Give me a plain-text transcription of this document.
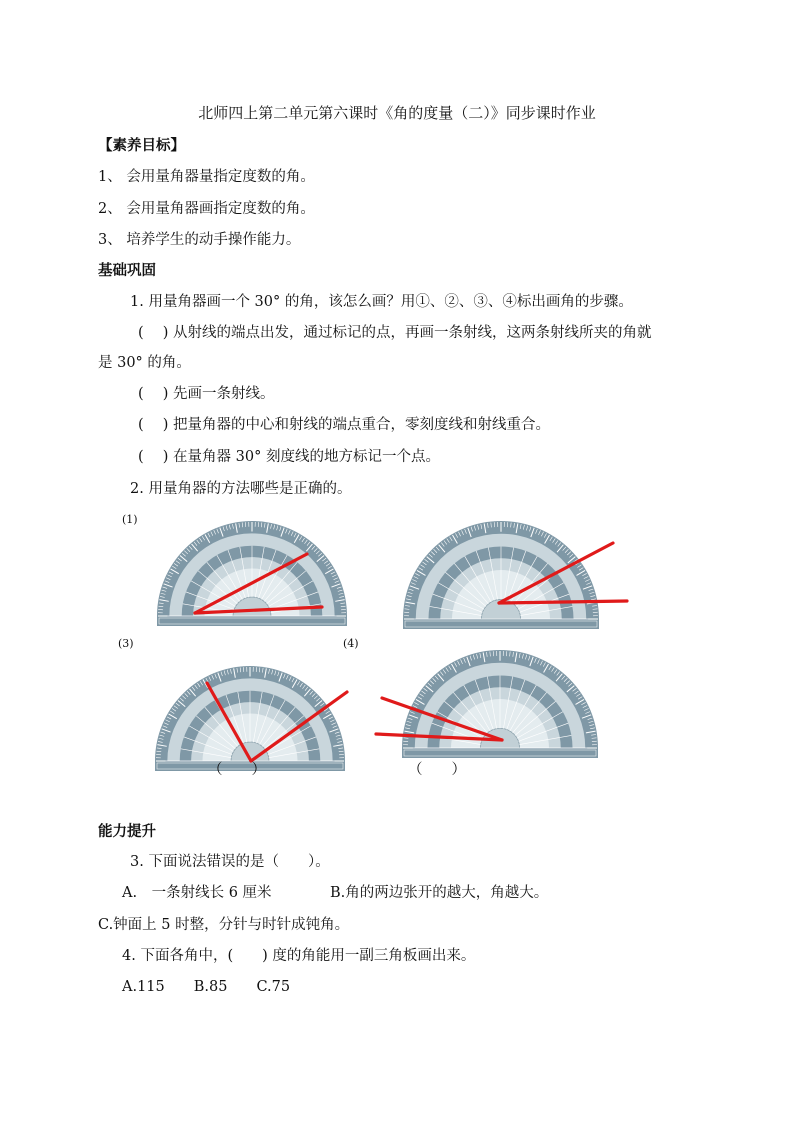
北师四上第二单元第六课时《角的度量（二）》同步课时作业
【素养目标】
1、 会用量角器量指定度数的角。
2、 会用量角器画指定度数的角。
3、 培养学生的动手操作能力。
基础巩固
1. 用量角器画一个 30° 的角，该怎么画？用①、②、③、④标出画角的步骤。
(　 ) 从射线的端点出发，通过标记的点，再画一条射线，这两条射线所夹的角就
是 30° 的角。
(　 ) 先画一条射线。
(　 ) 把量角器的中心和射线的端点重合，零刻度线和射线重合。
(　 ) 在量角器 30° 刻度线的地方标记一个点。
2. 用量角器的方法哪些是正确的。
(1)
(3)	(4)
（　　）	（　　）
能力提升
3. 下面说法错误的是（　　）。
A.　一条射线长 6 厘米	B.角的两边张开的越大，角越大。
C.钟面上 5 时整，分针与时针成钝角。
4. 下面各角中，(　　) 度的角能用一副三角板画出来。
A.115　　B.85　　C.75
